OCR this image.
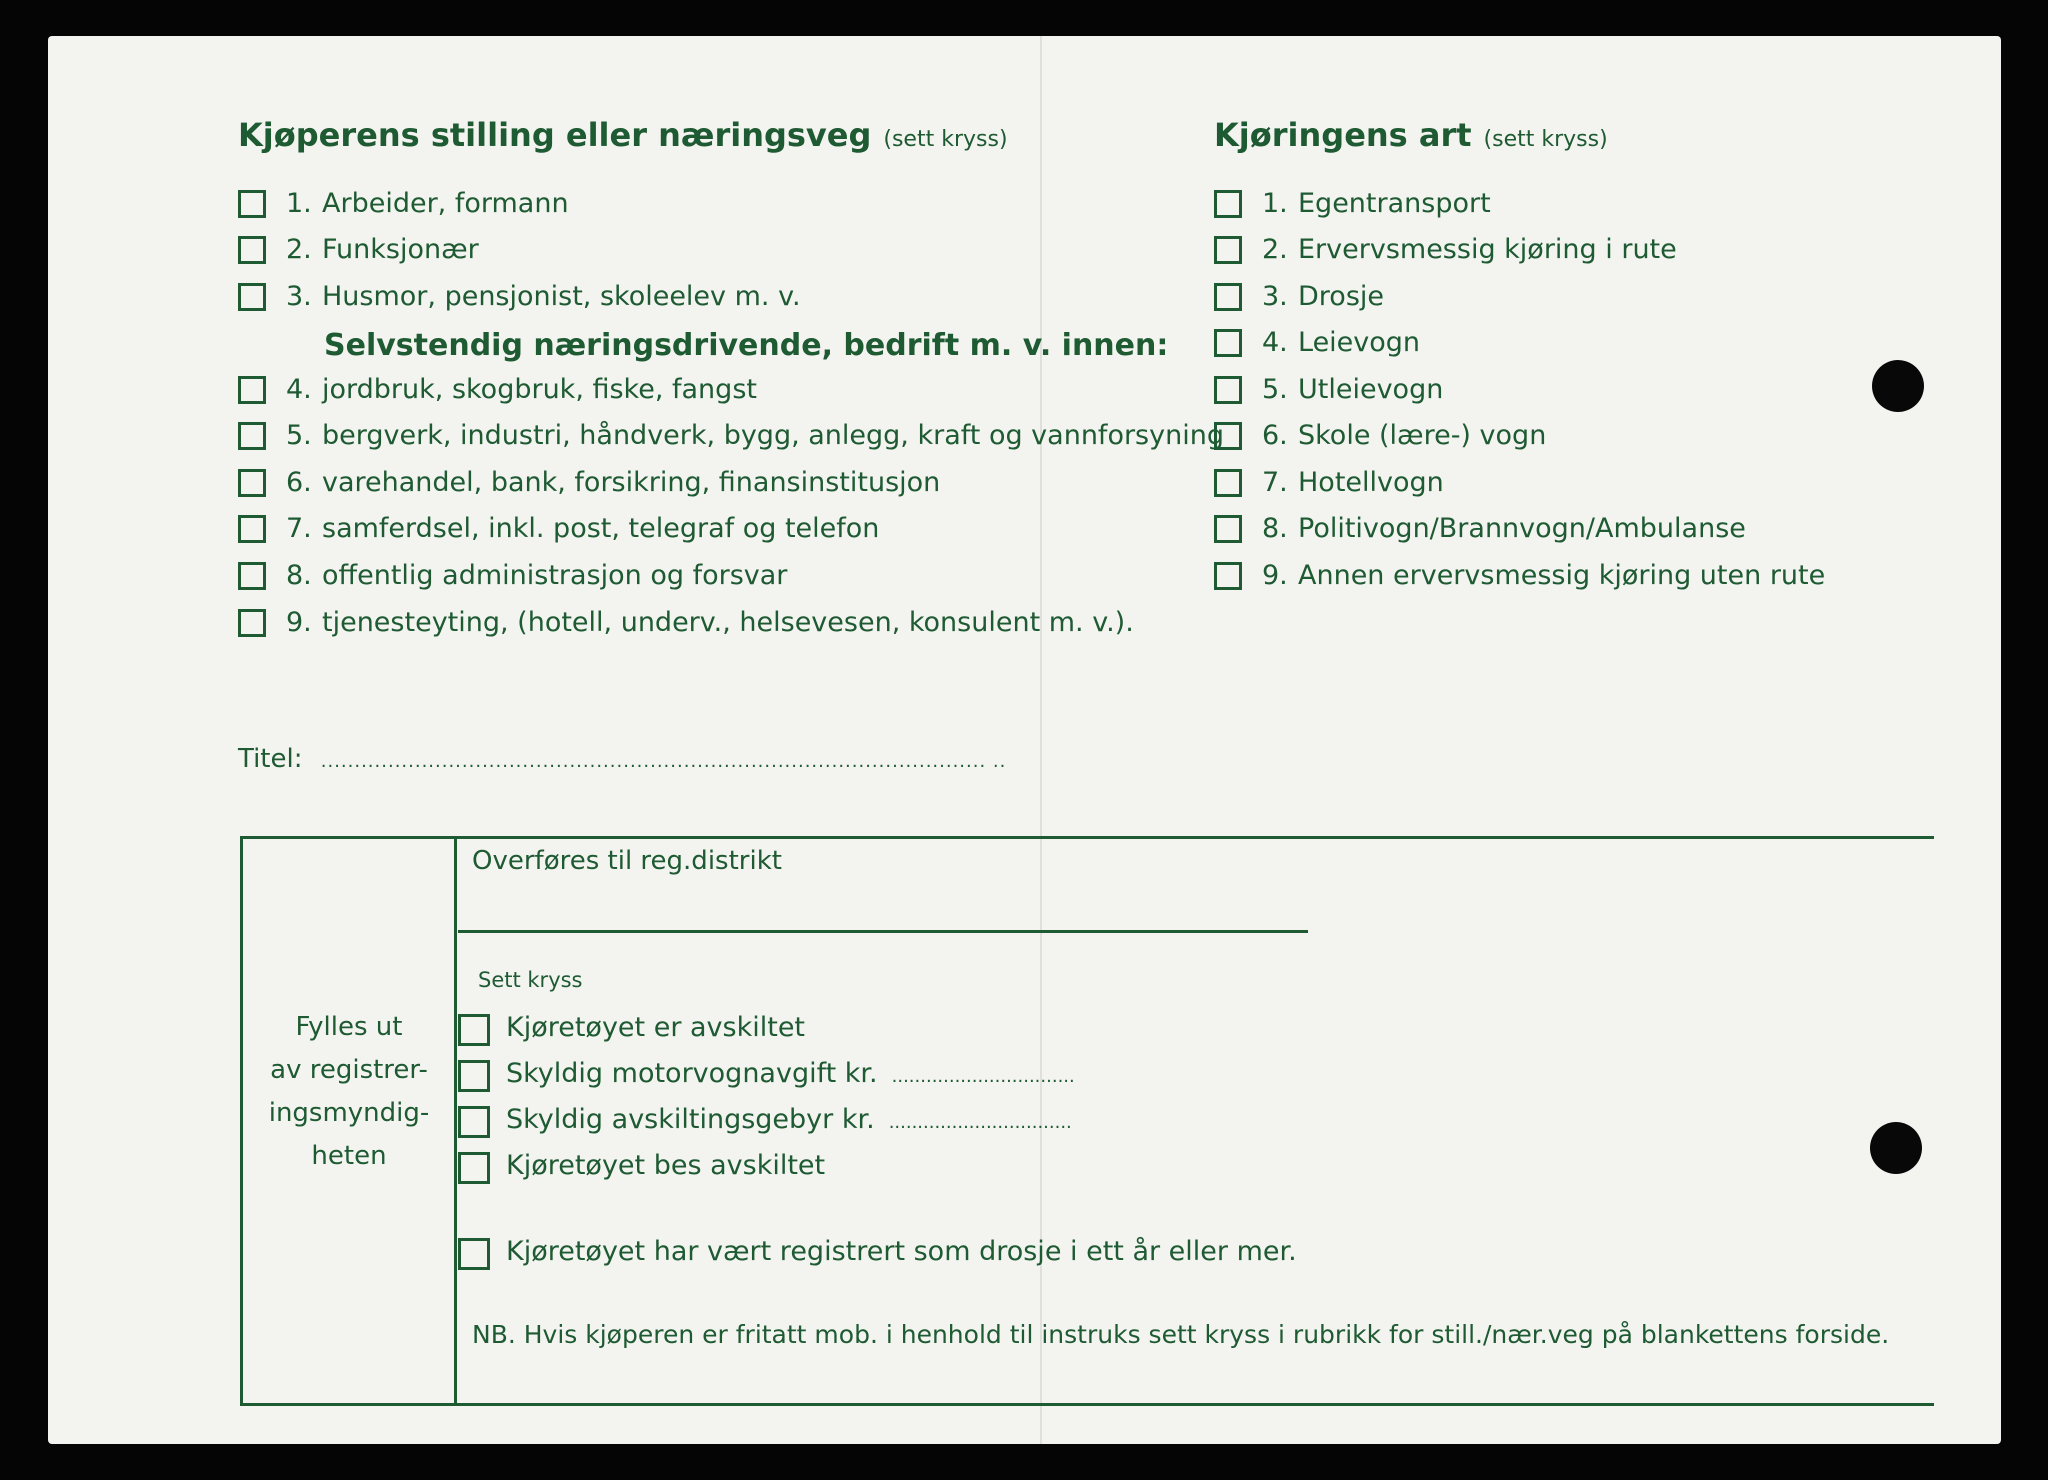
Kjøperens stilling eller næringsveg (sett kryss)
1. Arbeider, formann
2. Funksjonær
3. Husmor, pensjonist, skoleelev m. v.
Selvstendig næringsdrivende, bedrift m. v. innen:
4. jordbruk, skogbruk, fiske, fangst
5. bergverk, industri, håndverk, bygg, anlegg, kraft og vannforsyning
6. varehandel, bank, forsikring, finansinstitusjon
7. samferdsel, inkl. post, telegraf og telefon
8. offentlig administrasjon og forsvar
9. tjenesteyting, (hotell, underv., helsevesen, konsulent m. v.).
Kjøringens art (sett kryss)
1. Egentransport
2. Ervervsmessig kjøring i rute
3. Drosje
4. Leievogn
5. Utleievogn
6. Skole (lære-) vogn
7. Hotellvogn
8. Politivogn/Brannvogn/Ambulanse
9. Annen ervervsmessig kjøring uten rute
Titel: ................................................................................................... ..
Fylles ut
av registrer-
ingsmyndig-
heten
Overføres til reg.distrikt
Sett kryss
Kjøretøyet er avskiltet
Skyldig motorvognavgift kr. ................................
Skyldig avskiltingsgebyr kr. ................................
Kjøretøyet bes avskiltet
Kjøretøyet har vært registrert som drosje i ett år eller mer.
NB. Hvis kjøperen er fritatt mob. i henhold til instruks sett kryss i rubrikk for still./nær.veg på blankettens forside.
